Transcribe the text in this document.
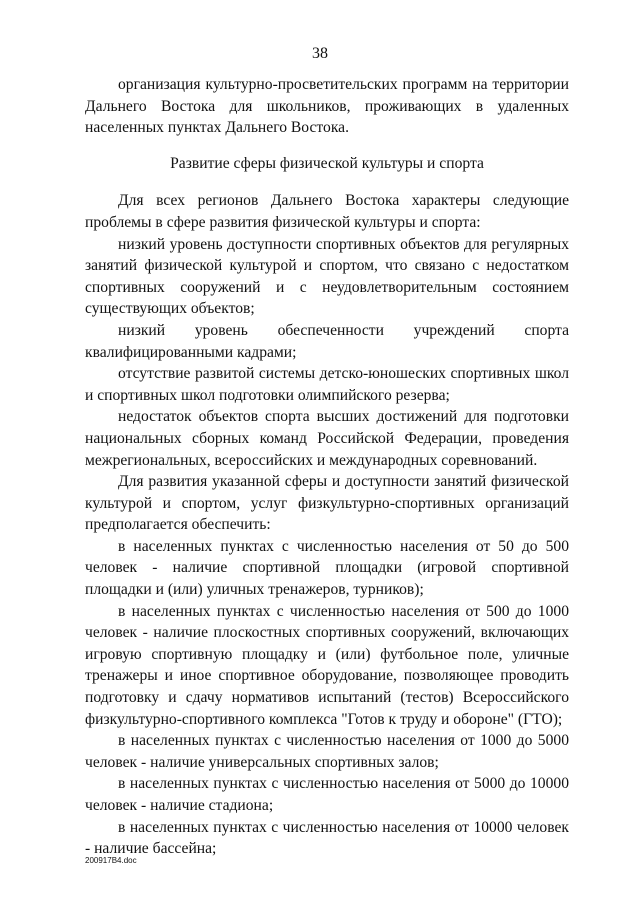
38

организация культурно-просветительских программ на территории Дальнего Востока для школьников, проживающих в удаленных населенных пунктах Дальнего Востока.

Развитие сферы физической культуры и спорта

Для всех регионов Дальнего Востока характеры следующие проблемы в сфере развития физической культуры и спорта:

низкий уровень доступности спортивных объектов для регулярных занятий физической культурой и спортом, что связано с недостатком спортивных сооружений и с неудовлетворительным состоянием существующих объектов;

низкий уровень обеспеченности учреждений спорта квалифицированными кадрами;

отсутствие развитой системы детско-юношеских спортивных школ и спортивных школ подготовки олимпийского резерва;

недостаток объектов спорта высших достижений для подготовки национальных сборных команд Российской Федерации, проведения межрегиональных, всероссийских и международных соревнований.

Для развития указанной сферы и доступности занятий физической культурой и спортом, услуг физкультурно-спортивных организаций предполагается обеспечить:

в населенных пунктах с численностью населения от 50 до 500 человек - наличие спортивной площадки (игровой спортивной площадки и (или) уличных тренажеров, турников);

в населенных пунктах с численностью населения от 500 до 1000 человек - наличие плоскостных спортивных сооружений, включающих игровую спортивную площадку и (или) футбольное поле, уличные тренажеры и иное спортивное оборудование, позволяющее проводить подготовку и сдачу нормативов испытаний (тестов) Всероссийского физкультурно-спортивного комплекса "Готов к труду и обороне" (ГТО);

в населенных пунктах с численностью населения от 1000 до 5000 человек - наличие универсальных спортивных залов;

в населенных пунктах с численностью населения от 5000 до 10000 человек - наличие стадиона;

в населенных пунктах с численностью населения от 10000 человек - наличие бассейна;

200917B4.doc
